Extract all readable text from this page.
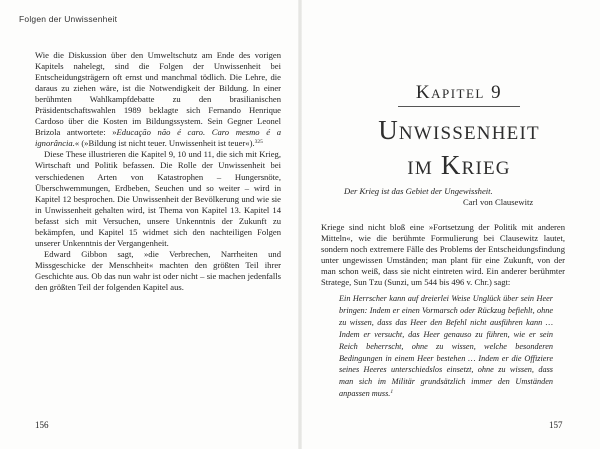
Folgen der Unwissenheit

Wie die Diskussion über den Umweltschutz am Ende des vorigen Kapitels nahelegt, sind die Folgen der Unwissenheit bei Entscheidungsträgern oft ernst und manchmal tödlich. Die Lehre, die daraus zu ziehen wäre, ist die Notwendigkeit der Bildung. In einer berühmten Wahlkampfdebatte zu den brasilianischen Präsidentschaftswahlen 1989 beklagte sich Fernando Henrique Cardoso über die Kosten im Bildungssystem. Sein Gegner Leonel Brizola antwortete: »Educação não é caro. Caro mesmo é a ignorância.« (»Bildung ist nicht teuer. Unwissenheit ist teuer«).$^{325}$

Diese These illustrieren die Kapitel 9, 10 und 11, die sich mit Krieg, Wirtschaft und Politik befassen. Die Rolle der Unwissenheit bei verschiedenen Arten von Katastrophen – Hungersnöte, Überschwemmungen, Erdbeben, Seuchen und so weiter – wird in Kapitel 12 besprochen. Die Unwissenheit der Bevölkerung und wie sie in Unwissenheit gehalten wird, ist Thema von Kapitel 13. Kapitel 14 befasst sich mit Versuchen, unsere Unkenntnis der Zukunft zu bekämpfen, und Kapitel 15 widmet sich den nachteiligen Folgen unserer Unkenntnis der Vergangenheit.

Edward Gibbon sagt, »die Verbrechen, Narrheiten und Missgeschicke der Menschheit« machten den größten Teil ihrer Geschichte aus. Ob das nun wahr ist oder nicht – sie machen jedenfalls den größten Teil der folgenden Kapitel aus.

156
Kapitel 9
Unwissenheit
im Krieg
Der Krieg ist das Gebiet der Ungewissheit.
Carl von Clausewitz

Kriege sind nicht bloß eine »Fortsetzung der Politik mit anderen Mitteln«, wie die berühmte Formulierung bei Clausewitz lautet, sondern noch extremere Fälle des Problems der Entscheidungsfindung unter ungewissen Umständen; man plant für eine Zukunft, von der man schon weiß, dass sie nicht eintreten wird. Ein anderer berühmter Stratege, Sun Tzu (Sunzi, um 544 bis 496 v. Chr.) sagt:

Ein Herrscher kann auf dreierlei Weise Unglück über sein Heer bringen: Indem er einen Vormarsch oder Rückzug befiehlt, ohne zu wissen, dass das Heer den Befehl nicht ausführen kann … Indem er versucht, das Heer genauso zu führen, wie er sein Reich beherrscht, ohne zu wissen, welche besonderen Bedingungen in einem Heer bestehen … Indem er die Offiziere seines Heeres unterschiedslos einsetzt, ohne zu wissen, dass man sich im Militär grundsätzlich immer den Umständen anpassen muss.$^1$
157
